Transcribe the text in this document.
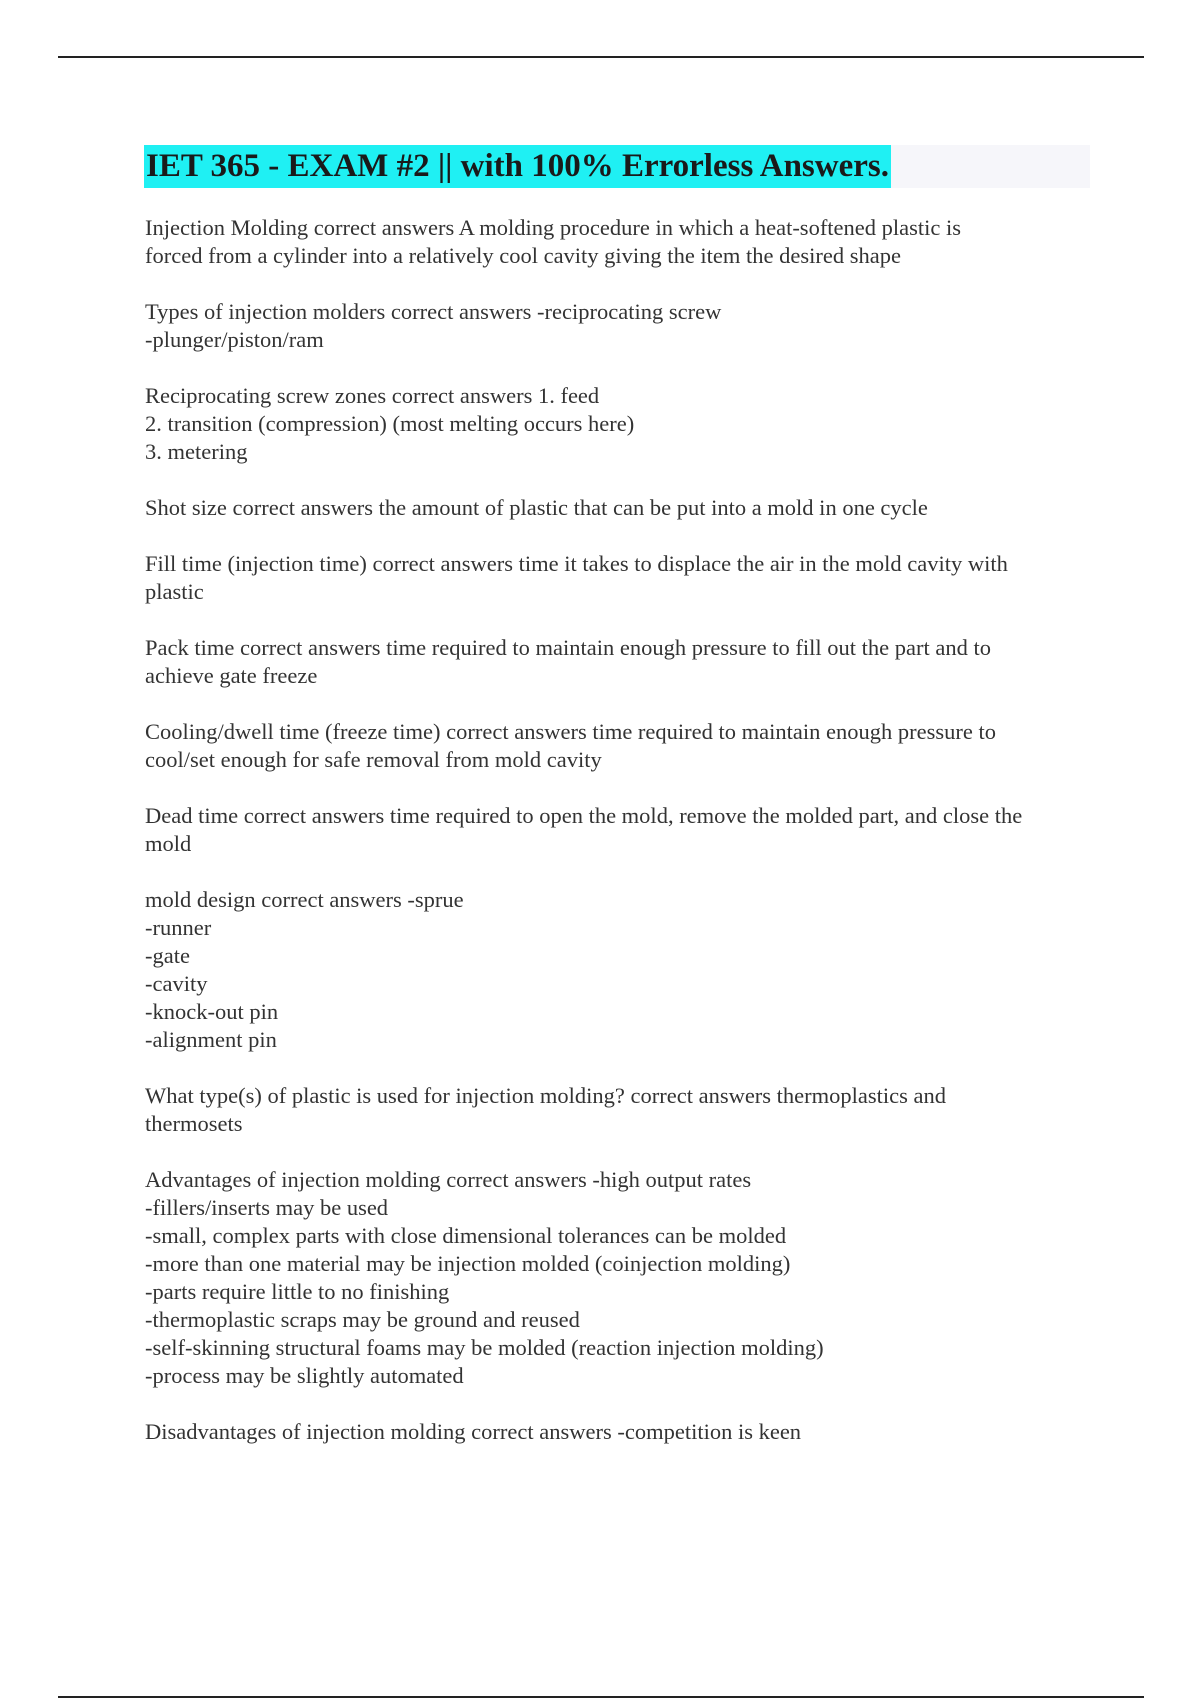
IET 365 - EXAM #2 || with 100% Errorless Answers.

Injection Molding correct answers A molding procedure in which a heat-softened plastic is
forced from a cylinder into a relatively cool cavity giving the item the desired shape

Types of injection molders correct answers -reciprocating screw
-plunger/piston/ram

Reciprocating screw zones correct answers 1. feed
2. transition (compression) (most melting occurs here)
3. metering

Shot size correct answers the amount of plastic that can be put into a mold in one cycle

Fill time (injection time) correct answers time it takes to displace the air in the mold cavity with
plastic

Pack time correct answers time required to maintain enough pressure to fill out the part and to
achieve gate freeze

Cooling/dwell time (freeze time) correct answers time required to maintain enough pressure to
cool/set enough for safe removal from mold cavity

Dead time correct answers time required to open the mold, remove the molded part, and close the
mold

mold design correct answers -sprue
-runner
-gate
-cavity
-knock-out pin
-alignment pin

What type(s) of plastic is used for injection molding? correct answers thermoplastics and
thermosets

Advantages of injection molding correct answers -high output rates
-fillers/inserts may be used
-small, complex parts with close dimensional tolerances can be molded
-more than one material may be injection molded (coinjection molding)
-parts require little to no finishing
-thermoplastic scraps may be ground and reused
-self-skinning structural foams may be molded (reaction injection molding)
-process may be slightly automated

Disadvantages of injection molding correct answers -competition is keen
